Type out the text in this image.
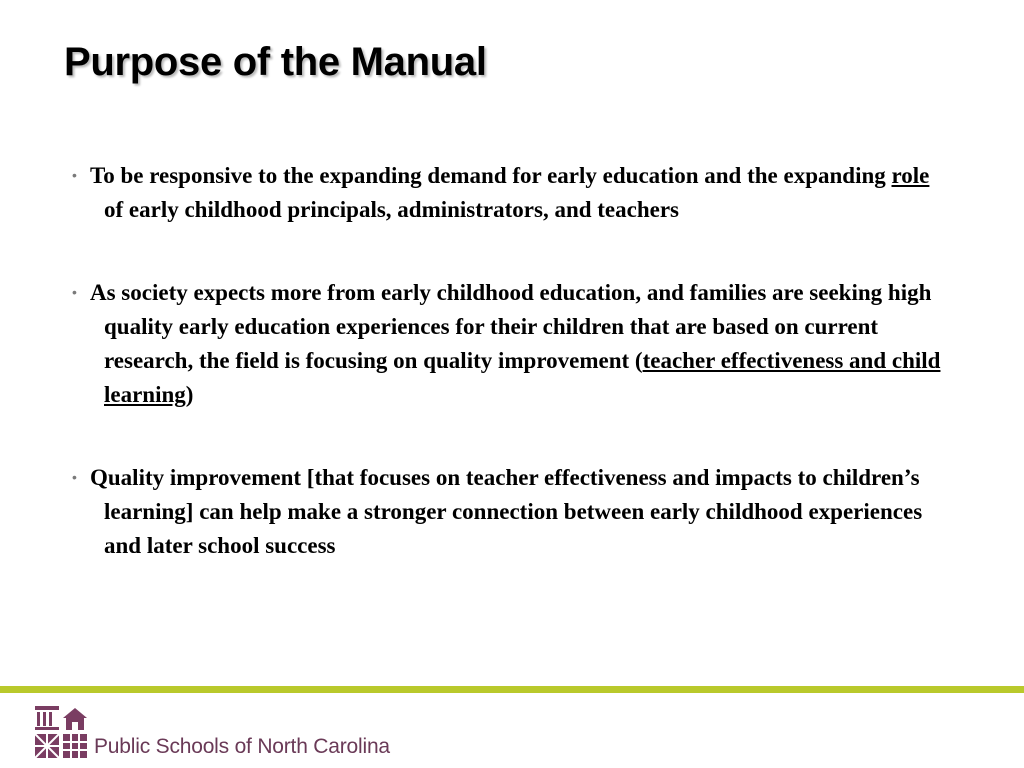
Purpose of the Manual
• To be responsive to the expanding demand for early education and the expanding role of early childhood principals, administrators, and teachers
• As society expects more from early childhood education, and families are seeking high quality early education experiences for their children that are based on current research, the field is focusing on quality improvement (teacher effectiveness and child learning)
• Quality improvement [that focuses on teacher effectiveness and impacts to children’s learning] can help make a stronger connection between early childhood experiences and later school success
Public Schools of North Carolina
